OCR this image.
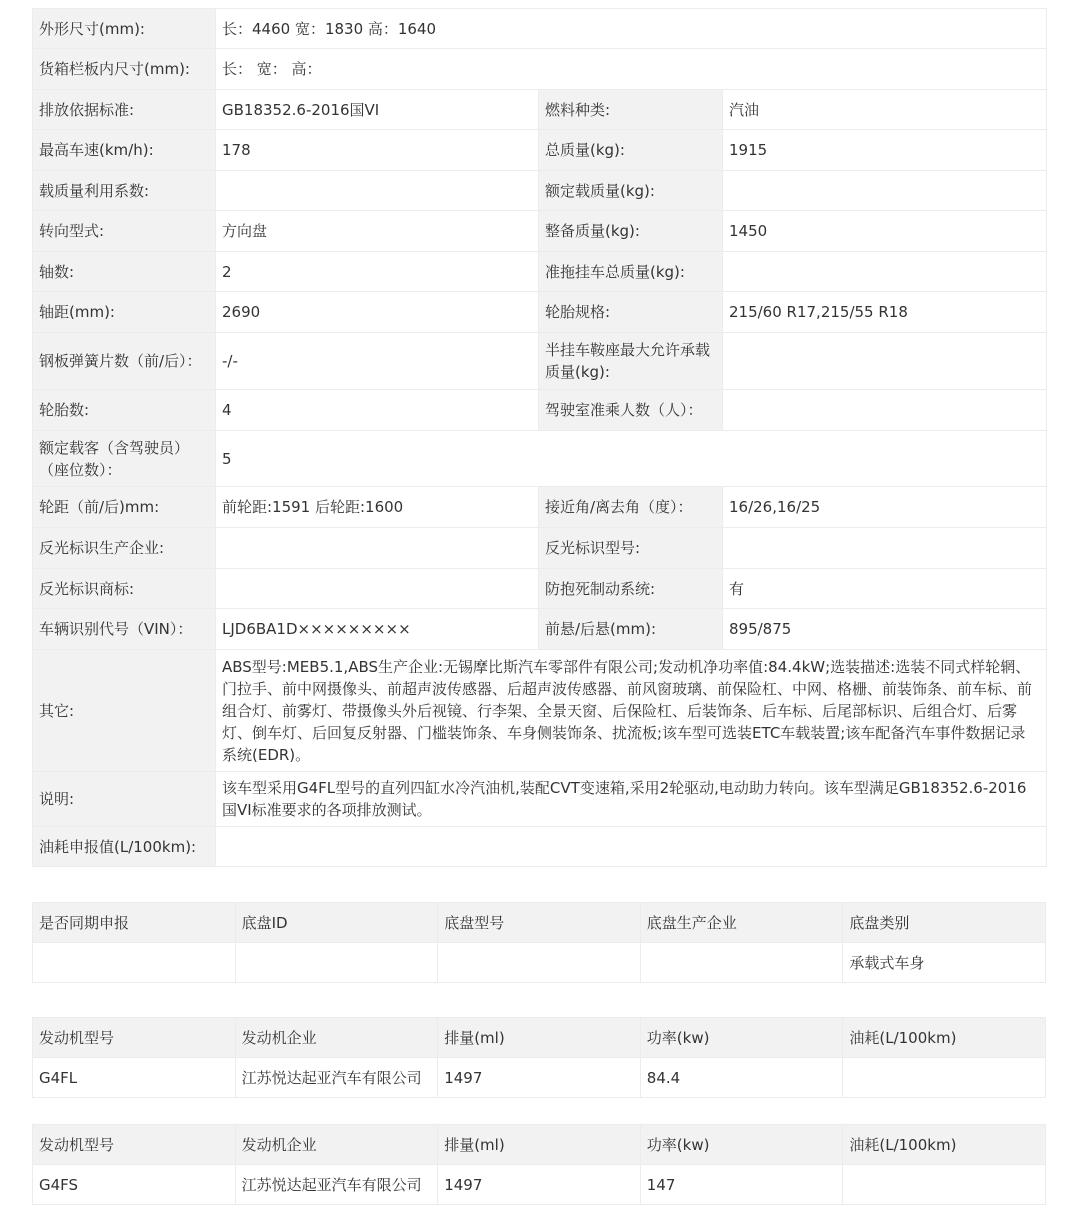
外形尺寸(mm):	长：4460 宽：1830 高：1640		
货箱栏板内尺寸(mm):	长： 宽： 高：		
排放依据标准:	GB18352.6-2016国VI	燃料种类:	汽油
最高车速(km/h):	178	总质量(kg):	1915
载质量利用系数:		额定载质量(kg):	
转向型式:	方向盘	整备质量(kg):	1450
轴数:	2	准拖挂车总质量(kg):	
轴距(mm):	2690	轮胎规格:	215/60 R17,215/55 R18
钢板弹簧片数（前/后）：	-/-	半挂车鞍座最大允许承载质量(kg):	
轮胎数:	4	驾驶室准乘人数（人）：	
额定载客（含驾驶员）（座位数）：	5		
轮距（前/后)mm:	前轮距:1591 后轮距:1600	接近角/离去角（度）：	16/26,16/25
反光标识生产企业:		反光标识型号:	
反光标识商标:		防抱死制动系统:	有
车辆识别代号（VIN）：	LJD6BA1D×××××××××	前悬/后悬(mm):	895/875
其它:	ABS型号:MEB5.1,ABS生产企业:无锡摩比斯汽车零部件有限公司;发动机净功率值:84.4kW;选装描述:选装不同式样轮辋、门拉手、前中网摄像头、前超声波传感器、后超声波传感器、前风窗玻璃、前保险杠、中网、格栅、前装饰条、前车标、前组合灯、前雾灯、带摄像头外后视镜、行李架、全景天窗、后保险杠、后装饰条、后车标、后尾部标识、后组合灯、后雾灯、倒车灯、后回复反射器、门槛装饰条、车身侧装饰条、扰流板;该车型可选装ETC车载装置;该车配备汽车事件数据记录系统(EDR)。		
说明:	该车型采用G4FL型号的直列四缸水冷汽油机,装配CVT变速箱,采用2轮驱动,电动助力转向。该车型满足GB18352.6-2016国VI标准要求的各项排放测试。		
油耗申报值(L/100km):			
是否同期申报	底盘ID	底盘型号	底盘生产企业	底盘类别
				承载式车身
发动机型号	发动机企业	排量(ml)	功率(kw)	油耗(L/100km)
G4FL	江苏悦达起亚汽车有限公司	1497	84.4	
发动机型号	发动机企业	排量(ml)	功率(kw)	油耗(L/100km)
G4FS	江苏悦达起亚汽车有限公司	1497	147	
